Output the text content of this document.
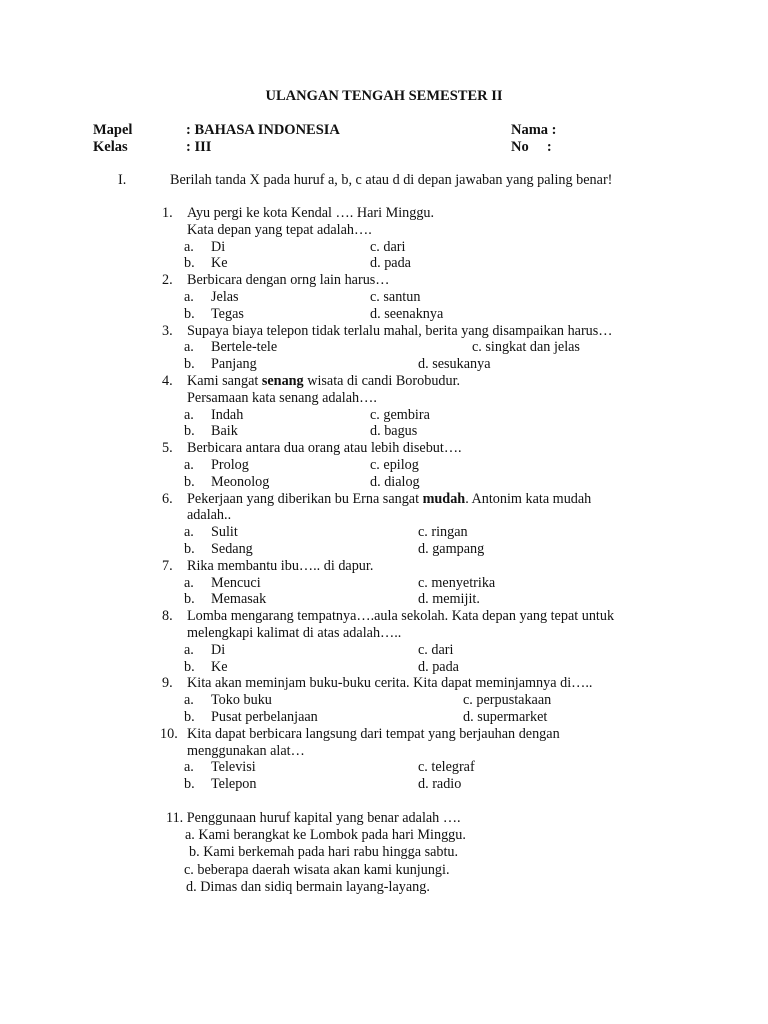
ULANGAN TENGAH SEMESTER II
Mapel	: BAHASA INDONESIA	Nama :
Kelas	: III	No     :
I.	Berilah tanda X pada huruf a, b, c atau d di depan jawaban yang paling benar!
1. Ayu pergi ke kota Kendal …. Hari Minggu.
Kata depan yang tepat adalah….
a. Di	c. dari
b. Ke	d. pada
2. Berbicara dengan orng lain harus…
a. Jelas	c. santun
b. Tegas	d. seenaknya
3. Supaya biaya telepon tidak terlalu mahal, berita yang disampaikan harus…
a. Bertele-tele	c. singkat dan jelas
b. Panjang	d. sesukanya
4. Kami sangat senang wisata di candi Borobudur.
Persamaan kata senang adalah….
a. Indah	c. gembira
b. Baik	d. bagus
5. Berbicara antara dua orang atau lebih disebut….
a. Prolog	c. epilog
b. Meonolog	d. dialog
6. Pekerjaan yang diberikan bu Erna sangat mudah. Antonim kata mudah
adalah..
a. Sulit	c. ringan
b. Sedang	d. gampang
7. Rika membantu ibu….. di dapur.
a. Mencuci	c. menyetrika
b. Memasak	d. memijit.
8. Lomba mengarang tempatnya….aula sekolah. Kata depan yang tepat untuk
melengkapi kalimat di atas adalah…..
a. Di	c. dari
b. Ke	d. pada
9. Kita akan meminjam buku-buku cerita. Kita dapat meminjamnya di…..
a. Toko buku	c. perpustakaan
b. Pusat perbelanjaan	d. supermarket
10. Kita dapat berbicara langsung dari tempat yang berjauhan dengan
menggunakan alat…
a. Televisi	c. telegraf
b. Telepon	d. radio
11. Penggunaan huruf kapital yang benar adalah ….
a. Kami berangkat ke Lombok pada hari Minggu.
b. Kami berkemah pada hari rabu hingga sabtu.
c. beberapa daerah wisata akan kami kunjungi.
d. Dimas dan sidiq bermain layang-layang.
